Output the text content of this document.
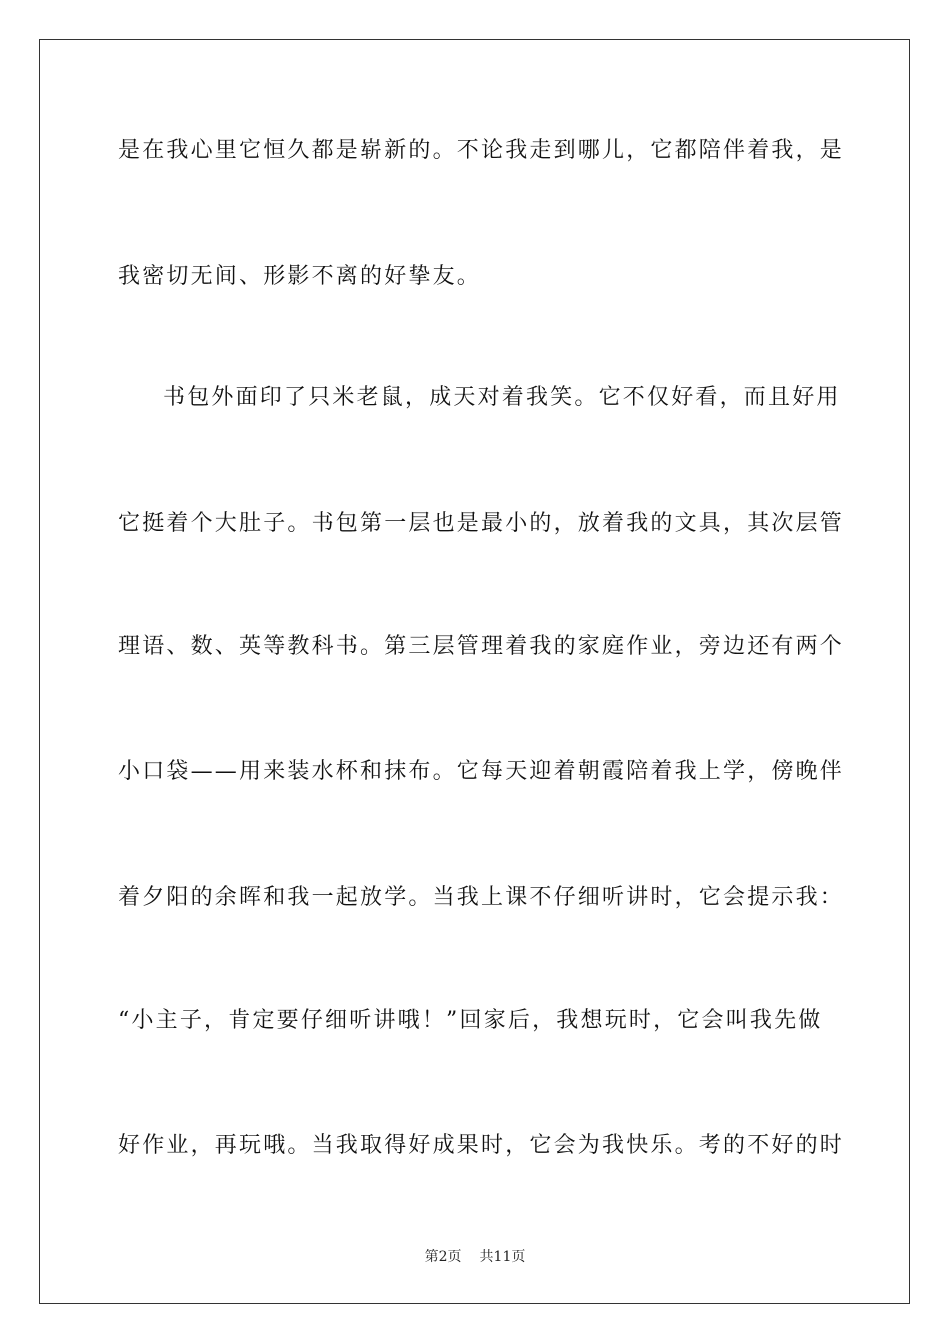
是在我心里它恒久都是崭新的。不论我走到哪儿，它都陪伴着我，是
我密切无间、形影不离的好挚友。
书包外面印了只米老鼠，成天对着我笑。它不仅好看，而且好用
它挺着个大肚子。书包第一层也是最小的，放着我的文具，其次层管
理语、数、英等教科书。第三层管理着我的家庭作业，旁边还有两个
小口袋——用来装水杯和抹布。它每天迎着朝霞陪着我上学，傍晚伴
着夕阳的余晖和我一起放学。当我上课不仔细听讲时，它会提示我：
“小主子，肯定要仔细听讲哦！”回家后，我想玩时，它会叫我先做
好作业，再玩哦。当我取得好成果时，它会为我快乐。考的不好的时
第2页 共11页
